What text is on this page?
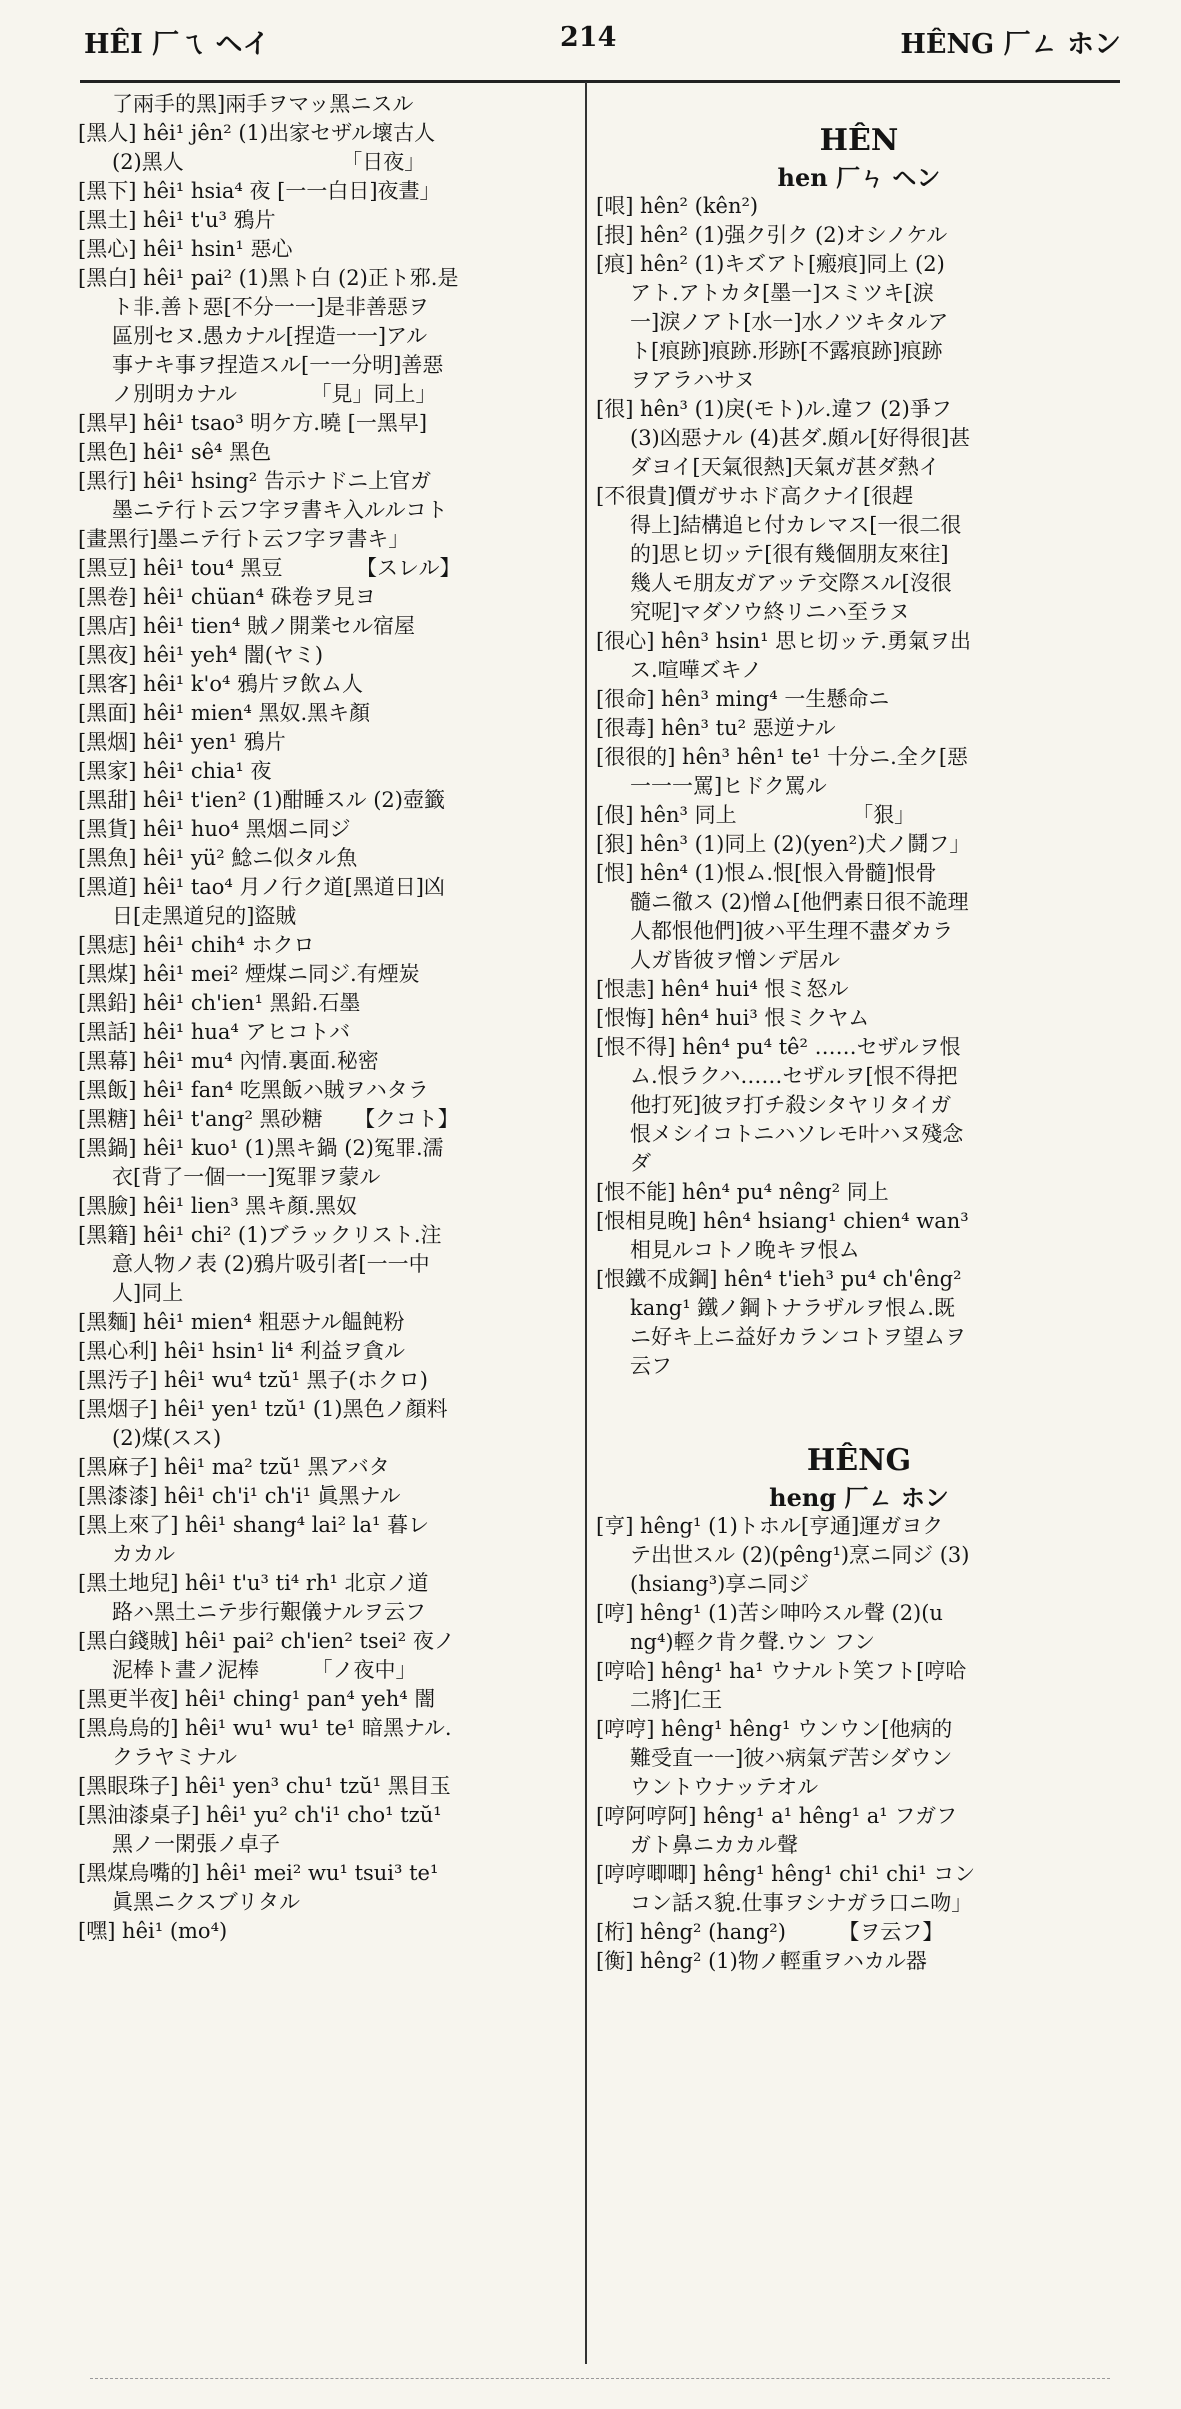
HÊI 厂ㄟ ヘイ	214	HÊNG 厂ㄥ ホン
了兩手的黑]兩手ヲマッ黑ニスル
[黑人] hêi¹ jên² (1)出家セザル壞古人
(2)黑人　　　　　　　　「日夜」
[黑下] hêi¹ hsia⁴ 夜 [一一白日]夜晝」
[黑土] hêi¹ t'u³ 鴉片
[黑心] hêi¹ hsin¹ 惡心
[黑白] hêi¹ pai² (1)黑ト白 (2)正ト邪.是
ト非.善ト惡[不分一一]是非善惡ヲ
區別セヌ.愚カナル[捏造一一]アル
事ナキ事ヲ捏造スル[一一分明]善惡
ノ別明カナル　　　　「見」同上」
[黑早] hêi¹ tsao³ 明ケ方.曉 [一黑早]
[黑色] hêi¹ sê⁴ 黑色
[黑行] hêi¹ hsing² 告示ナドニ上官ガ
墨ニテ行ト云フ字ヲ書キ入ルルコト
[畫黑行]墨ニテ行ト云フ字ヲ書キ」
[黑豆] hêi¹ tou⁴ 黑豆　　　　【スレル】
[黑卷] hêi¹ chüan⁴ 硃卷ヲ見ヨ
[黑店] hêi¹ tien⁴ 賊ノ開業セル宿屋
[黑夜] hêi¹ yeh⁴ 闇(ヤミ)
[黑客] hêi¹ k'o⁴ 鴉片ヲ飲ム人
[黑面] hêi¹ mien⁴ 黑奴.黑キ顏
[黑烟] hêi¹ yen¹ 鴉片
[黑家] hêi¹ chia¹ 夜
[黑甜] hêi¹ t'ien² (1)酣睡スル (2)壺籤
[黑貨] hêi¹ huo⁴ 黑烟ニ同ジ
[黑魚] hêi¹ yü² 鯰ニ似タル魚
[黑道] hêi¹ tao⁴ 月ノ行ク道[黑道日]凶
日[走黑道兒的]盜賊
[黑痣] hêi¹ chih⁴ ホクロ
[黑煤] hêi¹ mei² 煙煤ニ同ジ.有煙炭
[黑鉛] hêi¹ ch'ien¹ 黑鉛.石墨
[黑話] hêi¹ hua⁴ アヒコトバ
[黑幕] hêi¹ mu⁴ 內情.裏面.秘密
[黑飯] hêi¹ fan⁴ 吃黑飯ハ賊ヲハタラ
[黑糖] hêi¹ t'ang² 黑砂糖　　【クコト】
[黑鍋] hêi¹ kuo¹ (1)黑キ鍋 (2)冤罪.濡
衣[背了一個一一]冤罪ヲ蒙ル
[黑臉] hêi¹ lien³ 黑キ顏.黑奴
[黑籍] hêi¹ chi² (1)ブラックリスト.注
意人物ノ表 (2)鴉片吸引者[一一中
人]同上
[黑麵] hêi¹ mien⁴ 粗惡ナル饂飩粉
[黑心利] hêi¹ hsin¹ li⁴ 利益ヲ貪ル
[黑汚子] hêi¹ wu⁴ tzŭ¹ 黑子(ホクロ)
[黑烟子] hêi¹ yen¹ tzŭ¹ (1)黑色ノ顏料
(2)煤(スス)
[黑麻子] hêi¹ ma² tzŭ¹ 黑アバタ
[黑漆漆] hêi¹ ch'i¹ ch'i¹ 眞黑ナル
[黑上來了] hêi¹ shang⁴ lai² la¹ 暮レ
カカル
[黑土地兒] hêi¹ t'u³ ti⁴ rh¹ 北京ノ道
路ハ黑土ニテ步行艱儀ナルヲ云フ
[黑白錢賊] hêi¹ pai² ch'ien² tsei² 夜ノ
泥棒ト晝ノ泥棒　　　「ノ夜中」
[黑更半夜] hêi¹ ching¹ pan⁴ yeh⁴ 闇
[黑烏烏的] hêi¹ wu¹ wu¹ te¹ 暗黑ナル.
クラヤミナル
[黑眼珠子] hêi¹ yen³ chu¹ tzŭ¹ 黑目玉
[黑油漆桌子] hêi¹ yu² ch'i¹ cho¹ tzŭ¹
黑ノ一閑張ノ卓子
[黑煤烏嘴的] hêi¹ mei² wu¹ tsui³ te¹
眞黑ニクスブリタル
[嘿] hêi¹ (mo⁴)
HÊN
hen 厂ㄣ ヘン
[哏] hên² (kên²)
[拫] hên² (1)强ク引ク (2)オシノケル
[痕] hên² (1)キズアト[瘢痕]同上 (2)
アト.アトカタ[墨一]スミツキ[淚
一]淚ノアト[水一]水ノツキタルア
ト[痕跡]痕跡.形跡[不露痕跡]痕跡
ヲアラハサヌ
[很] hên³ (1)戾(モト)ル.違フ (2)爭フ
(3)凶惡ナル (4)甚ダ.頗ル[好得很]甚
ダヨイ[天氣很熱]天氣ガ甚ダ熱イ
[不很貴]價ガサホド高クナイ[很趕
得上]結構追ヒ付カレマス[一很二很
的]思ヒ切ッテ[很有幾個朋友來往]
幾人モ朋友ガアッテ交際スル[沒很
究呢]マダソウ終リニハ至ラヌ
[很心] hên³ hsin¹ 思ヒ切ッテ.勇氣ヲ出
ス.喧嘩ズキノ
[很命] hên³ ming⁴ 一生懸命ニ
[很毒] hên³ tu² 惡逆ナル
[很很的] hên³ hên¹ te¹ 十分ニ.全ク[惡
一一一罵]ヒドク罵ル
[佷] hên³ 同上　　　　　　「狠」
[狠] hên³ (1)同上 (2)(yen²)犬ノ鬪フ」
[恨] hên⁴ (1)恨ム.恨[恨入骨髓]恨骨
髓ニ徹ス (2)憎ム[他們素日很不詭理
人都恨他們]彼ハ平生理不盡ダカラ
人ガ皆彼ヲ憎ンデ居ル
[恨恚] hên⁴ hui⁴ 恨ミ怒ル
[恨悔] hên⁴ hui³ 恨ミクヤム
[恨不得] hên⁴ pu⁴ tê² ……セザルヲ恨
ム.恨ラクハ……セザルヲ[恨不得把
他打死]彼ヲ打チ殺シタヤリタイガ
恨メシイコトニハソレモ叶ハヌ殘念
ダ
[恨不能] hên⁴ pu⁴ nêng² 同上
[恨相見晚] hên⁴ hsiang¹ chien⁴ wan³
相見ルコトノ晚キヲ恨ム
[恨鐵不成鋼] hên⁴ t'ieh³ pu⁴ ch'êng²
kang¹ 鐵ノ鋼トナラザルヲ恨ム.既
ニ好キ上ニ益好カランコトヲ望ムヲ
云フ
HÊNG
heng 厂ㄥ ホン
[亨] hêng¹ (1)トホル[亨通]運ガヨク
テ出世スル (2)(pêng¹)烹ニ同ジ (3)
(hsiang³)享ニ同ジ
[哼] hêng¹ (1)苦シ呻吟スル聲 (2)(u
ng⁴)輕ク肯ク聲.ウン フン
[哼哈] hêng¹ ha¹ ウナルト笑フト[哼哈
二將]仁王
[哼哼] hêng¹ hêng¹ ウンウン[他病的
難受直一一]彼ハ病氣デ苦シダウン
ウントウナッテオル
[哼阿哼阿] hêng¹ a¹ hêng¹ a¹ フガフ
ガト鼻ニカカル聲
[哼哼唧唧] hêng¹ hêng¹ chi¹ chi¹ コン
コン話ス貌.仕事ヲシナガラ口ニ吻」
[桁] hêng² (hang²)　　　【ヲ云フ】
[衡] hêng² (1)物ノ輕重ヲハカル器
